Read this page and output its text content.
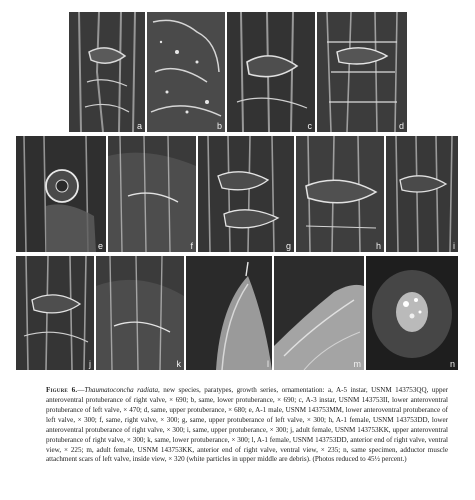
a	b	c	d
e	f	g	h	i
j	k	l	m	n

Figure 6.—Thaumatoconcha radiata, new species, paratypes, growth series, ornamentation: a, A-5 instar, USNM 143753QQ, upper anteroventral protuberance of right valve, × 690; b, same, lower protuberance, × 690; c, A-3 instar, USNM 143753II, lower anteroventral protuberance of left valve, × 470; d, same, upper protuberance, × 680; e, A-1 male, USNM 143753MM, lower anteroventral protuberance of left valve, × 300; f, same, right valve, × 300; g, same, upper protuberance of left valve, × 300; h, A-1 female, USNM 143753DD, lower anteroventral protuberance of right valve, × 300; i, same, upper protuberance, × 300; j, adult female, USNM 143753KK, upper anteroventral protuberance of right valve, × 300; k, same, lower protuberance, × 300; l, A-1 female, USNM 143753DD, anterior end of right valve, ventral view, × 225; m, adult female, USNM 143753KK, anterior end of right valve, ventral view, × 235; n, same specimen, adductor muscle attachment scars of left valve, inside view, × 320 (white particles in upper middle are debris). (Photos reduced to 45½ percent.)
